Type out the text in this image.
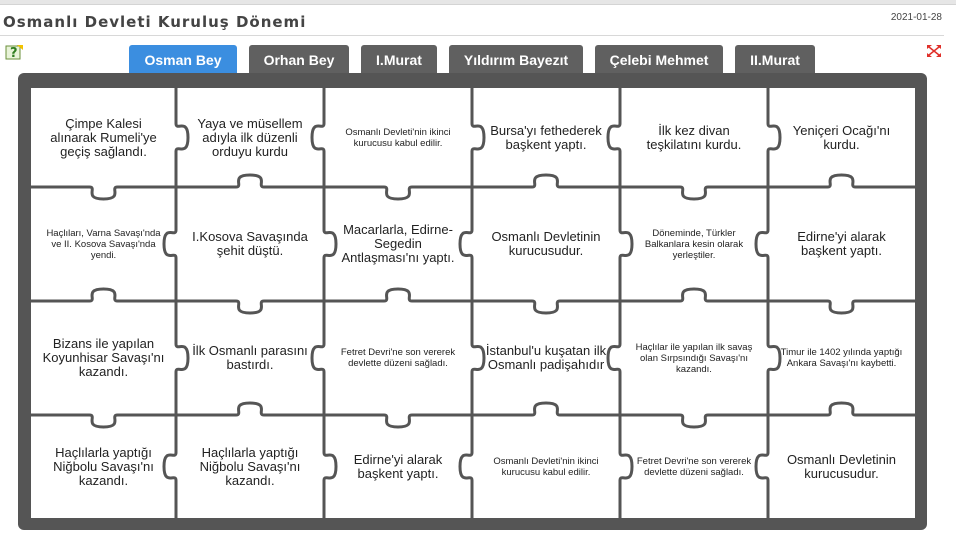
Osmanlı Devleti Kuruluş Dönemi	2021-01-28
?	Osman Bey	Orhan Bey	I.Murat	Yıldırım Bayezıt	Çelebi Mehmet	II.Murat
Çimpe Kalesi alınarak Rumeli'ye geçiş sağlandı.
Yaya ve müsellem adıyla ilk düzenli orduyu kurdu
Osmanlı Devleti'nin ikinci kurucusu kabul edilir.
Bursa'yı fethederek başkent yaptı.
İlk kez divan teşkilatını kurdu.
Yeniçeri Ocağı'nı kurdu.
Haçlıları, Varna Savaşı'nda ve II. Kosova Savaşı'nda yendi.
I.Kosova Savaşında şehit düştü.
Macarlarla, Edirne-Segedin Antlaşması'nı yaptı.
Osmanlı Devletinin kurucusudur.
Döneminde, Türkler Balkanlara kesin olarak yerleştiler.
Edirne'yi alarak başkent yaptı.
Bizans ile yapılan Koyunhisar Savaşı'nı kazandı.
İlk Osmanlı parasını bastırdı.
Fetret Devri'ne son vererek devlette düzeni sağladı.
İstanbul'u kuşatan ilk Osmanlı padişahıdır
Haçlılar ile yapılan ilk savaş olan Sırpsındığı Savaşı'nı kazandı.
Timur ile 1402 yılında yaptığı Ankara Savaşı'nı kaybetti.
Haçlılarla yaptığı Niğbolu Savaşı'nı kazandı.
Haçlılarla yaptığı Niğbolu Savaşı'nı kazandı.
Edirne'yi alarak başkent yaptı.
Osmanlı Devleti'nin ikinci kurucusu kabul edilir.
Fetret Devri'ne son vererek devlette düzeni sağladı.
Osmanlı Devletinin kurucusudur.
